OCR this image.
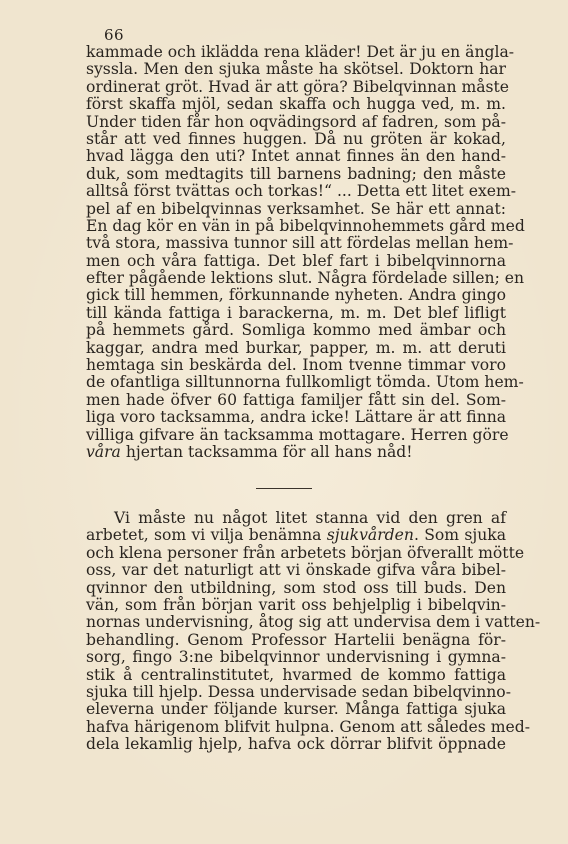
66
kammade och iklädda rena kläder! Det är ju en ängla-
syssla. Men den sjuka måste ha skötsel. Doktorn har
ordinerat gröt. Hvad är att göra? Bibelqvinnan måste
först skaffa mjöl, sedan skaffa och hugga ved, m. m.
Under tiden får hon oqvädingsord af fadren, som på-
står att ved finnes huggen. Då nu gröten är kokad,
hvad lägga den uti? Intet annat finnes än den hand-
duk, som medtagits till barnens badning; den måste
alltså först tvättas och torkas!“ ... Detta ett litet exem-
pel af en bibelqvinnas verksamhet. Se här ett annat:
En dag kör en vän in på bibelqvinnohemmets gård med
två stora, massiva tunnor sill att fördelas mellan hem-
men och våra fattiga. Det blef fart i bibelqvinnorna
efter pågående lektions slut. Några fördelade sillen; en
gick till hemmen, förkunnande nyheten. Andra gingo
till kända fattiga i barackerna, m. m. Det blef lifligt
på hemmets gård. Somliga kommo med ämbar och
kaggar, andra med burkar, papper, m. m. att deruti
hemtaga sin beskärda del. Inom tvenne timmar voro
de ofantliga silltunnorna fullkomligt tömda. Utom hem-
men hade öfver 60 fattiga familjer fått sin del. Som-
liga voro tacksamma, andra icke! Lättare är att finna
villiga gifvare än tacksamma mottagare. Herren göre
våra hjertan tacksamma för all hans nåd!
Vi måste nu något litet stanna vid den gren af
arbetet, som vi vilja benämna sjukvården. Som sjuka
och klena personer från arbetets början öfverallt mötte
oss, var det naturligt att vi önskade gifva våra bibel-
qvinnor den utbildning, som stod oss till buds. Den
vän, som från början varit oss behjelplig i bibelqvin-
nornas undervisning, åtog sig att undervisa dem i vatten-
behandling. Genom Professor Hartelii benägna för-
sorg, fingo 3:ne bibelqvinnor undervisning i gymna-
stik å centralinstitutet, hvarmed de kommo fattiga
sjuka till hjelp. Dessa undervisade sedan bibelqvinno-
eleverna under följande kurser. Många fattiga sjuka
hafva härigenom blifvit hulpna. Genom att således med-
dela lekamlig hjelp, hafva ock dörrar blifvit öppnade
